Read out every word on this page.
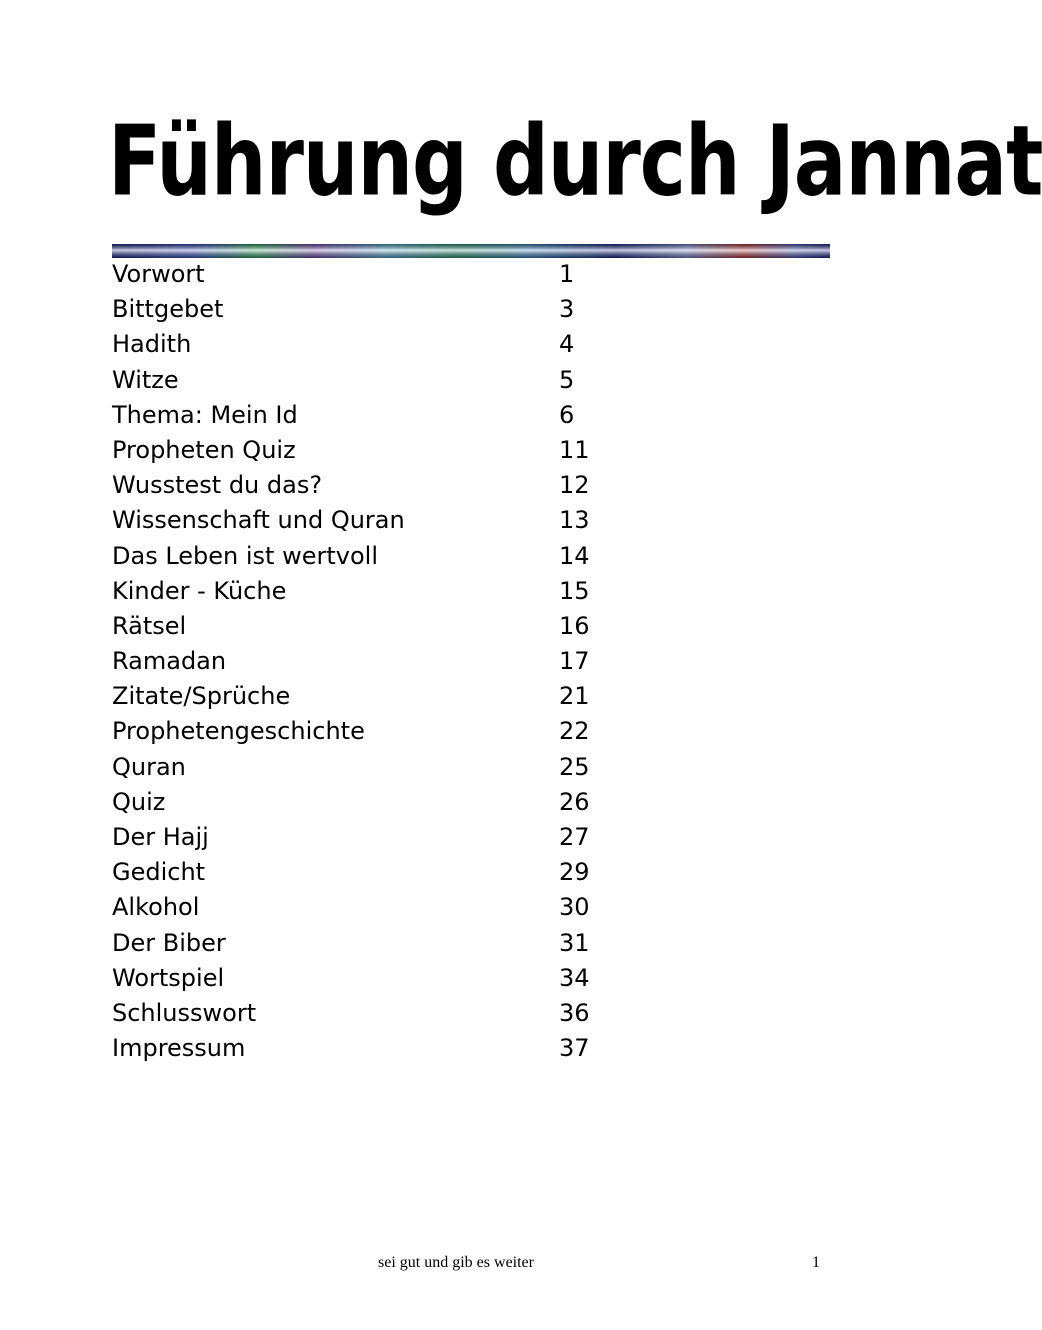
Führung durch Jannat
Vorwort	1
Bittgebet	3
Hadith	4
Witze	5
Thema: Mein Id	6
Propheten Quiz	11
Wusstest du das?	12
Wissenschaft und Quran	13
Das Leben ist wertvoll	14
Kinder - Küche	15
Rätsel	16
Ramadan	17
Zitate/Sprüche	21
Prophetengeschichte	22
Quran	25
Quiz	26
Der Hajj	27
Gedicht	29
Alkohol	30
Der Biber	31
Wortspiel	34
Schlusswort	36
Impressum	37
sei gut und gib es weiter	1
